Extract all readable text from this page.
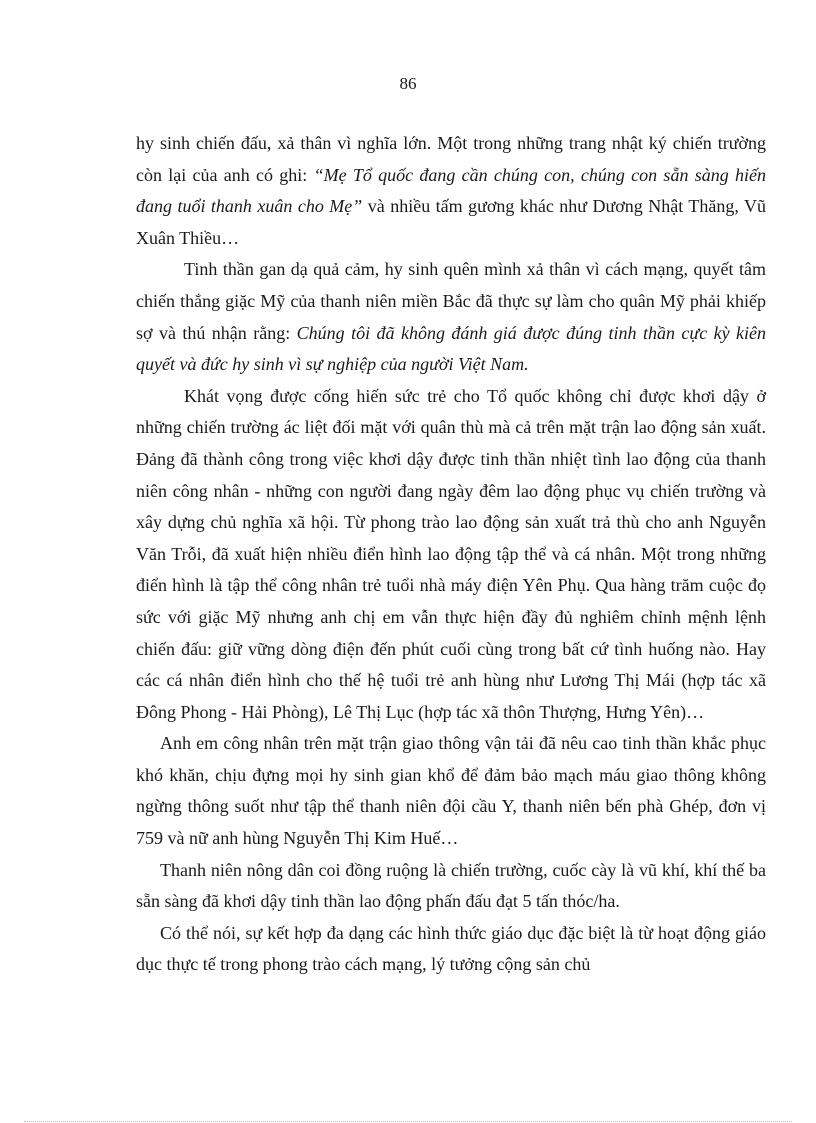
86

hy sinh chiến đấu, xả thân vì nghĩa lớn. Một trong những trang nhật ký chiến trường còn lại của anh có ghi: “Mẹ Tổ quốc đang cần chúng con, chúng con sẵn sàng hiến đang tuổi thanh xuân cho Mẹ” và nhiều tấm gương khác như Dương Nhật Thăng, Vũ Xuân Thiều…

Tinh thần gan dạ quả cảm, hy sinh quên mình xả thân vì cách mạng, quyết tâm chiến thắng giặc Mỹ của thanh niên miền Bắc đã thực sự làm cho quân Mỹ phải khiếp sợ và thú nhận rằng: Chúng tôi đã không đánh giá được đúng tinh thần cực kỳ kiên quyết và đức hy sinh vì sự nghiệp của người Việt Nam.

Khát vọng được cống hiến sức trẻ cho Tổ quốc không chỉ được khơi dậy ở những chiến trường ác liệt đối mặt với quân thù mà cả trên mặt trận lao động sản xuất. Đảng đã thành công trong việc khơi dậy được tinh thần nhiệt tình lao động của thanh niên công nhân - những con người đang ngày đêm lao động phục vụ chiến trường và xây dựng chủ nghĩa xã hội. Từ phong trào lao động sản xuất trả thù cho anh Nguyễn Văn Trỗi, đã xuất hiện nhiều điển hình lao động tập thể và cá nhân. Một trong những điển hình là tập thể công nhân trẻ tuổi nhà máy điện Yên Phụ. Qua hàng trăm cuộc đọ sức với giặc Mỹ nhưng anh chị em vẫn thực hiện đầy đủ nghiêm chỉnh mệnh lệnh chiến đấu: giữ vững dòng điện đến phút cuối cùng trong bất cứ tình huống nào. Hay các cá nhân điển hình cho thế hệ tuổi trẻ anh hùng như Lương Thị Mái (hợp tác xã Đông Phong - Hải Phòng), Lê Thị Lục (hợp tác xã thôn Thượng, Hưng Yên)…

Anh em công nhân trên mặt trận giao thông vận tải đã nêu cao tinh thần khắc phục khó khăn, chịu đựng mọi hy sinh gian khổ để đảm bảo mạch máu giao thông không ngừng thông suốt như tập thể thanh niên đội cầu Y, thanh niên bến phà Ghép, đơn vị 759 và nữ anh hùng Nguyễn Thị Kim Huế…

Thanh niên nông dân coi đồng ruộng là chiến trường, cuốc cày là vũ khí, khí thế ba sẵn sàng đã khơi dậy tinh thần lao động phấn đấu đạt 5 tấn thóc/ha.

Có thể nói, sự kết hợp đa dạng các hình thức giáo dục đặc biệt là từ hoạt động giáo dục thực tế trong phong trào cách mạng, lý tưởng cộng sản chủ
